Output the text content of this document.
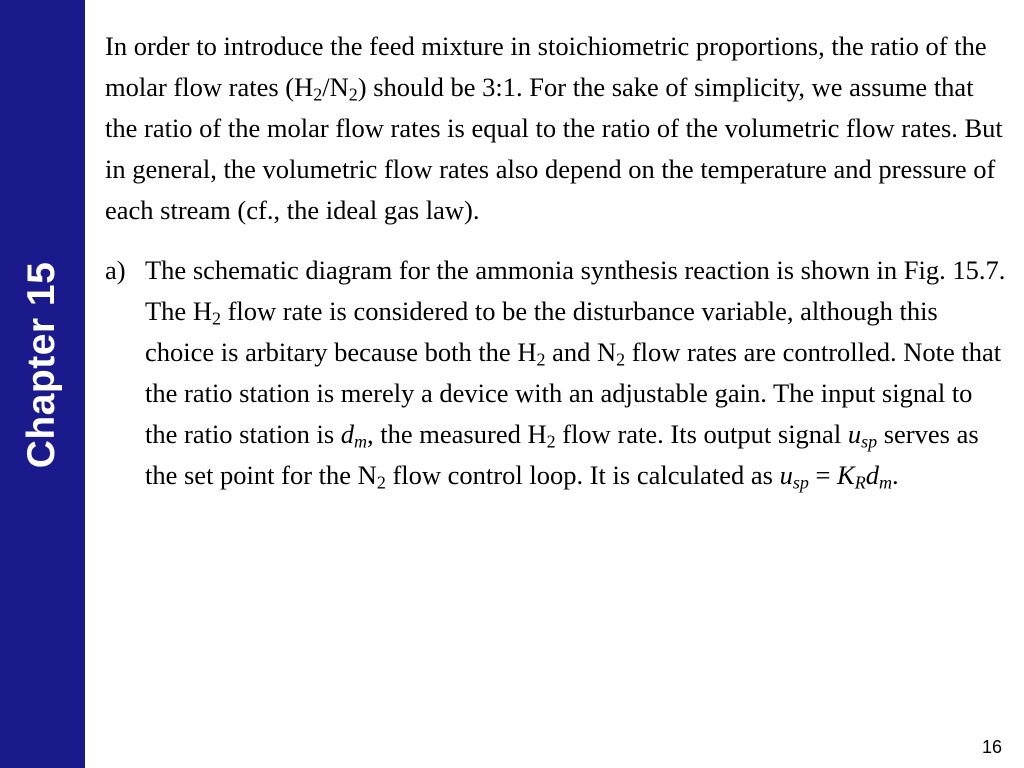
Chapter 15

In order to introduce the feed mixture in stoichiometric proportions, the ratio of the molar flow rates $(H_2/N_2)$ should be 3:1. For the sake of simplicity, we assume that the ratio of the molar flow rates is equal to the ratio of the volumetric flow rates. But in general, the volumetric flow rates also depend on the temperature and pressure of each stream (cf., the ideal gas law).

a) The schematic diagram for the ammonia synthesis reaction is shown in Fig. 15.7. The $H_2$ flow rate is considered to be the disturbance variable, although this choice is arbitary because both the $H_2$ and $N_2$ flow rates are controlled. Note that the ratio station is merely a device with an adjustable gain. The input signal to the ratio station is $d_m$, the measured $H_2$ flow rate. Its output signal $u_{sp}$ serves as the set point for the $N_2$ flow control loop. It is calculated as $u_{sp} = K_Rd_m$.
16
